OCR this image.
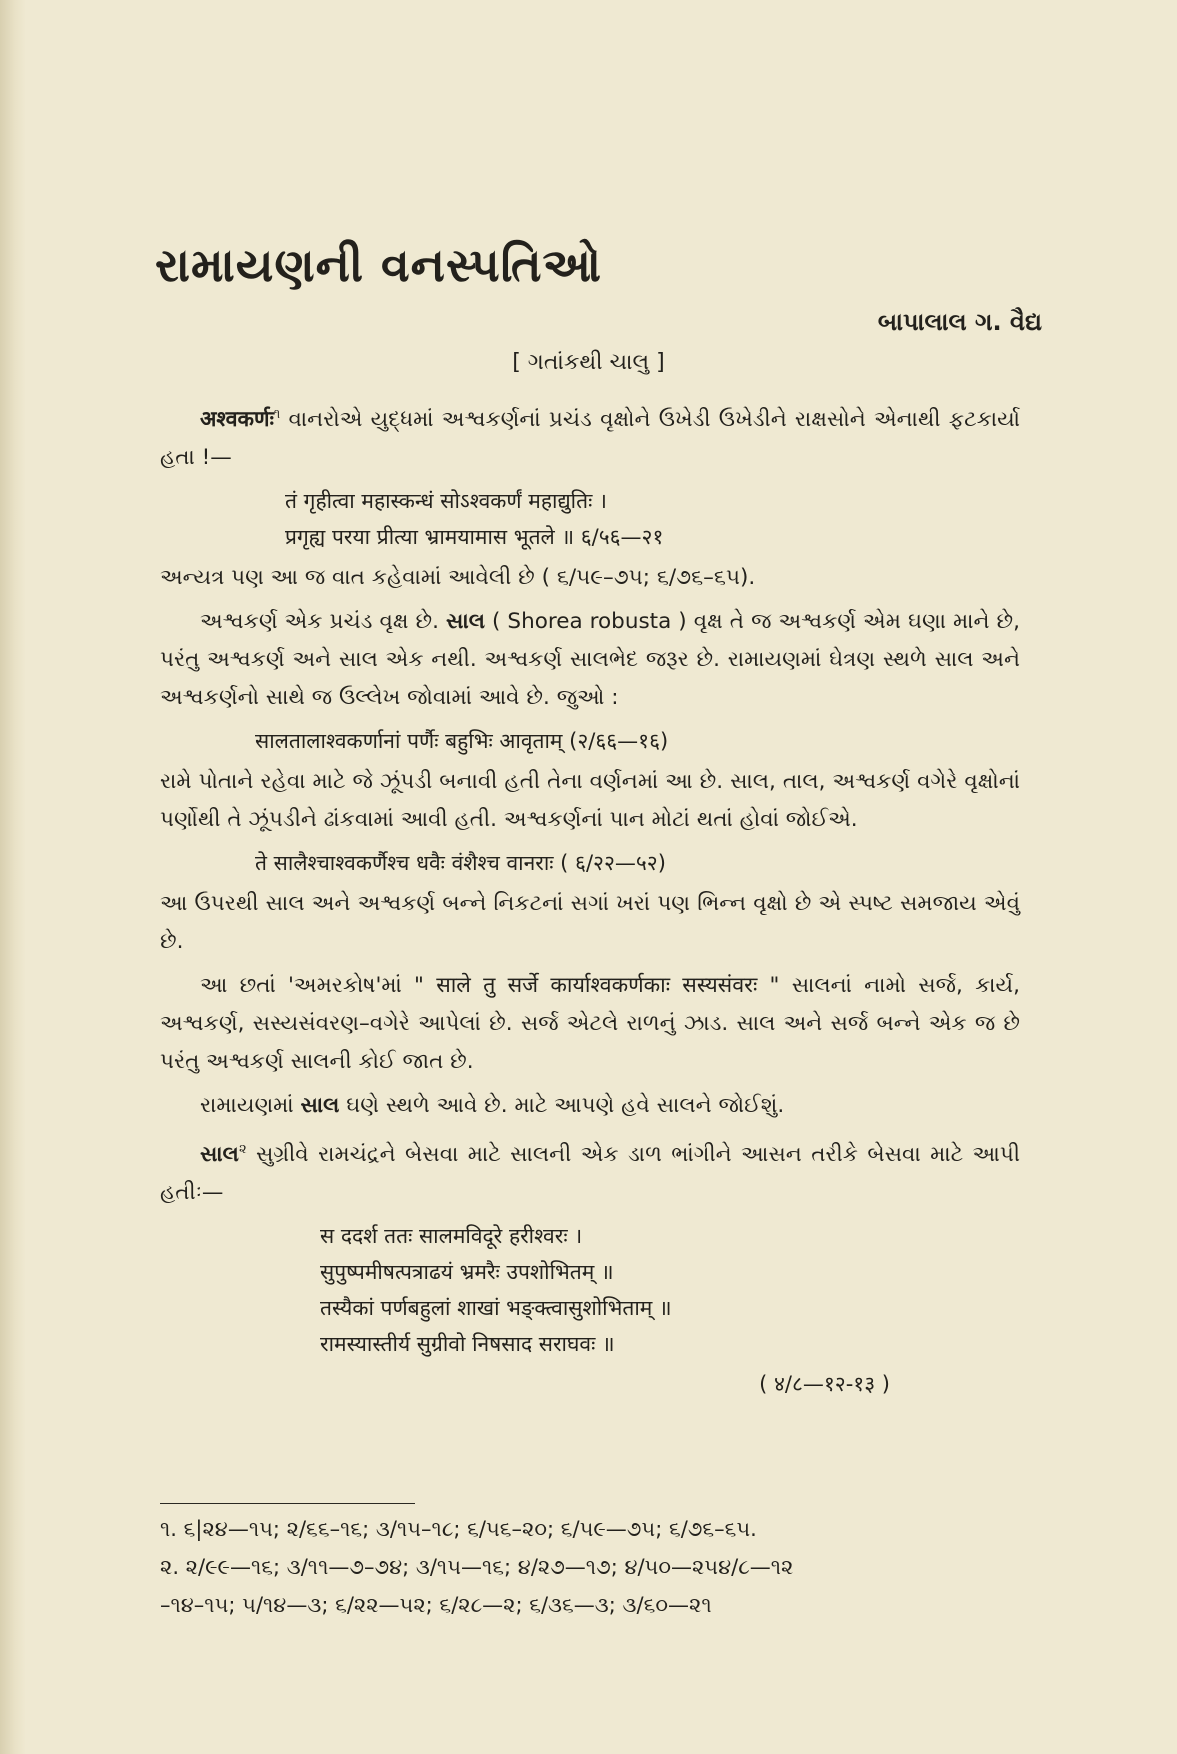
રામાયણની વનસ્પતિઓ
બાપાલાલ ગ. વૈદ્ય
[ ગતાંકથી ચાલુ ]

अश्वकर्णः$^૧$ વાનરોએ યુદ્ધમાં અશ્વકર્ણનાં પ્રચંડ વૃક્ષોને ઉખેડી ઉખેડીને રાક્ષસોને એનાથી ફટકાર્યા હતા !—

तं गृहीत्वा महास्कन्धं सोऽश्वकर्णं महाद्युतिः ।
प्रगृह्य परया प्रीत्या भ्रामयामास भूतले ॥ ६/५६—२१

અન્યત્ર પણ આ જ વાત કહેવામાં આવેલી છે ( ૬/૫૯–૭૫; ૬/૭૬–૬૫).

અશ્વકર્ણ એક પ્રચંડ વૃક્ષ છે. સાલ ( Shorea robusta ) વૃક્ષ તે જ અશ્વકર્ણ એમ ઘણા માને છે, પરંતુ અશ્વકર્ણ અને સાલ એક નથી. અશ્વકર્ણ સાલભેદ જરૂર છે. રામાયણમાં ઘેત્રણ સ્થળે સાલ અને અશ્વકર્ણનો સાથે જ ઉલ્લેખ જોવામાં આવે છે. જુઓ :

सालतालाश्वकर्णानां पर्णैः बहुभिः आवृताम् (२/६६—१६)

રામે પોતાને રહેવા માટે જે ઝૂંપડી બનાવી હતી તેના વર્ણનમાં આ છે. સાલ, તાલ, અશ્વકર્ણ વગેરે વૃક્ષોનાં પર્ણોથી તે ઝૂંપડીને ઢાંકવામાં આવી હતી. અશ્વકર્ણનાં પાન મોટાં થતાં હોવાં જોઈએ.

ते सालैश्चाश्वकर्णैश्च धवैः वंशैश्च वानराः ( ६/२२—५२)

આ ઉપરથી સાલ અને અશ્વકર્ણ બન્ને નિકટનાં સગાં ખરાં પણ ભિન્ન વૃક્ષો છે એ સ્પષ્ટ સમજાય એવું છે.

આ છતાં 'અમરકોષ'માં " साले तु सर्जे कार्याश्वकर्णकाः सस्यसंवरः " સાલનાં નામો સર્જ, કાર્ય, અશ્વકર્ણ, સસ્યસંવરણ–વગેરે આપેલાં છે. સર્જ એટલે રાળનું ઝાડ. સાલ અને સર્જ બન્ને એક જ છે પરંતુ અશ્વકર્ણ સાલની કોઈ જાત છે.

રામાયણમાં સાલ ઘણે સ્થળે આવે છે. માટે આપણે હવે સાલને જોઈશું.

સાલ$^૨$ સુગ્રીવે રામચંદ્રને બેસવા માટે સાલની એક ડાળ ભાંગીને આસન તરીકે બેસવા માટે આપી હતીઃ—

स ददर्श ततः सालमविदूरे हरीश्वरः ।
सुपुष्पमीषत्पत्राढयं भ्रमरैः उपशोभितम् ॥
तस्यैकां पर्णबहुलां शाखां भङ्क्त्वासुशोभिताम् ॥
रामस्यास्तीर्य सुग्रीवो निषसाद सराघवः ॥
( ४/८—१२-१३ )
૧. ૬|૨૪—૧૫; ૨/૬૬–૧૬; ૩/૧૫–૧૮; ૬/૫૬–૨૦; ૬/૫૯—૭૫; ૬/૭૬–૬૫.
૨. ૨/૯૯—૧૬; ૩/૧૧—૭–૭૪; ૩/૧૫—૧૬; ૪/૨૭—૧૭; ૪/૫૦—૨૫૪/૮—૧૨
–૧૪–૧૫; ૫/૧૪—૩; ૬/૨૨—૫૨; ૬/૨૮—૨; ૬/૩૬—૩; ૩/૬૦—૨૧
